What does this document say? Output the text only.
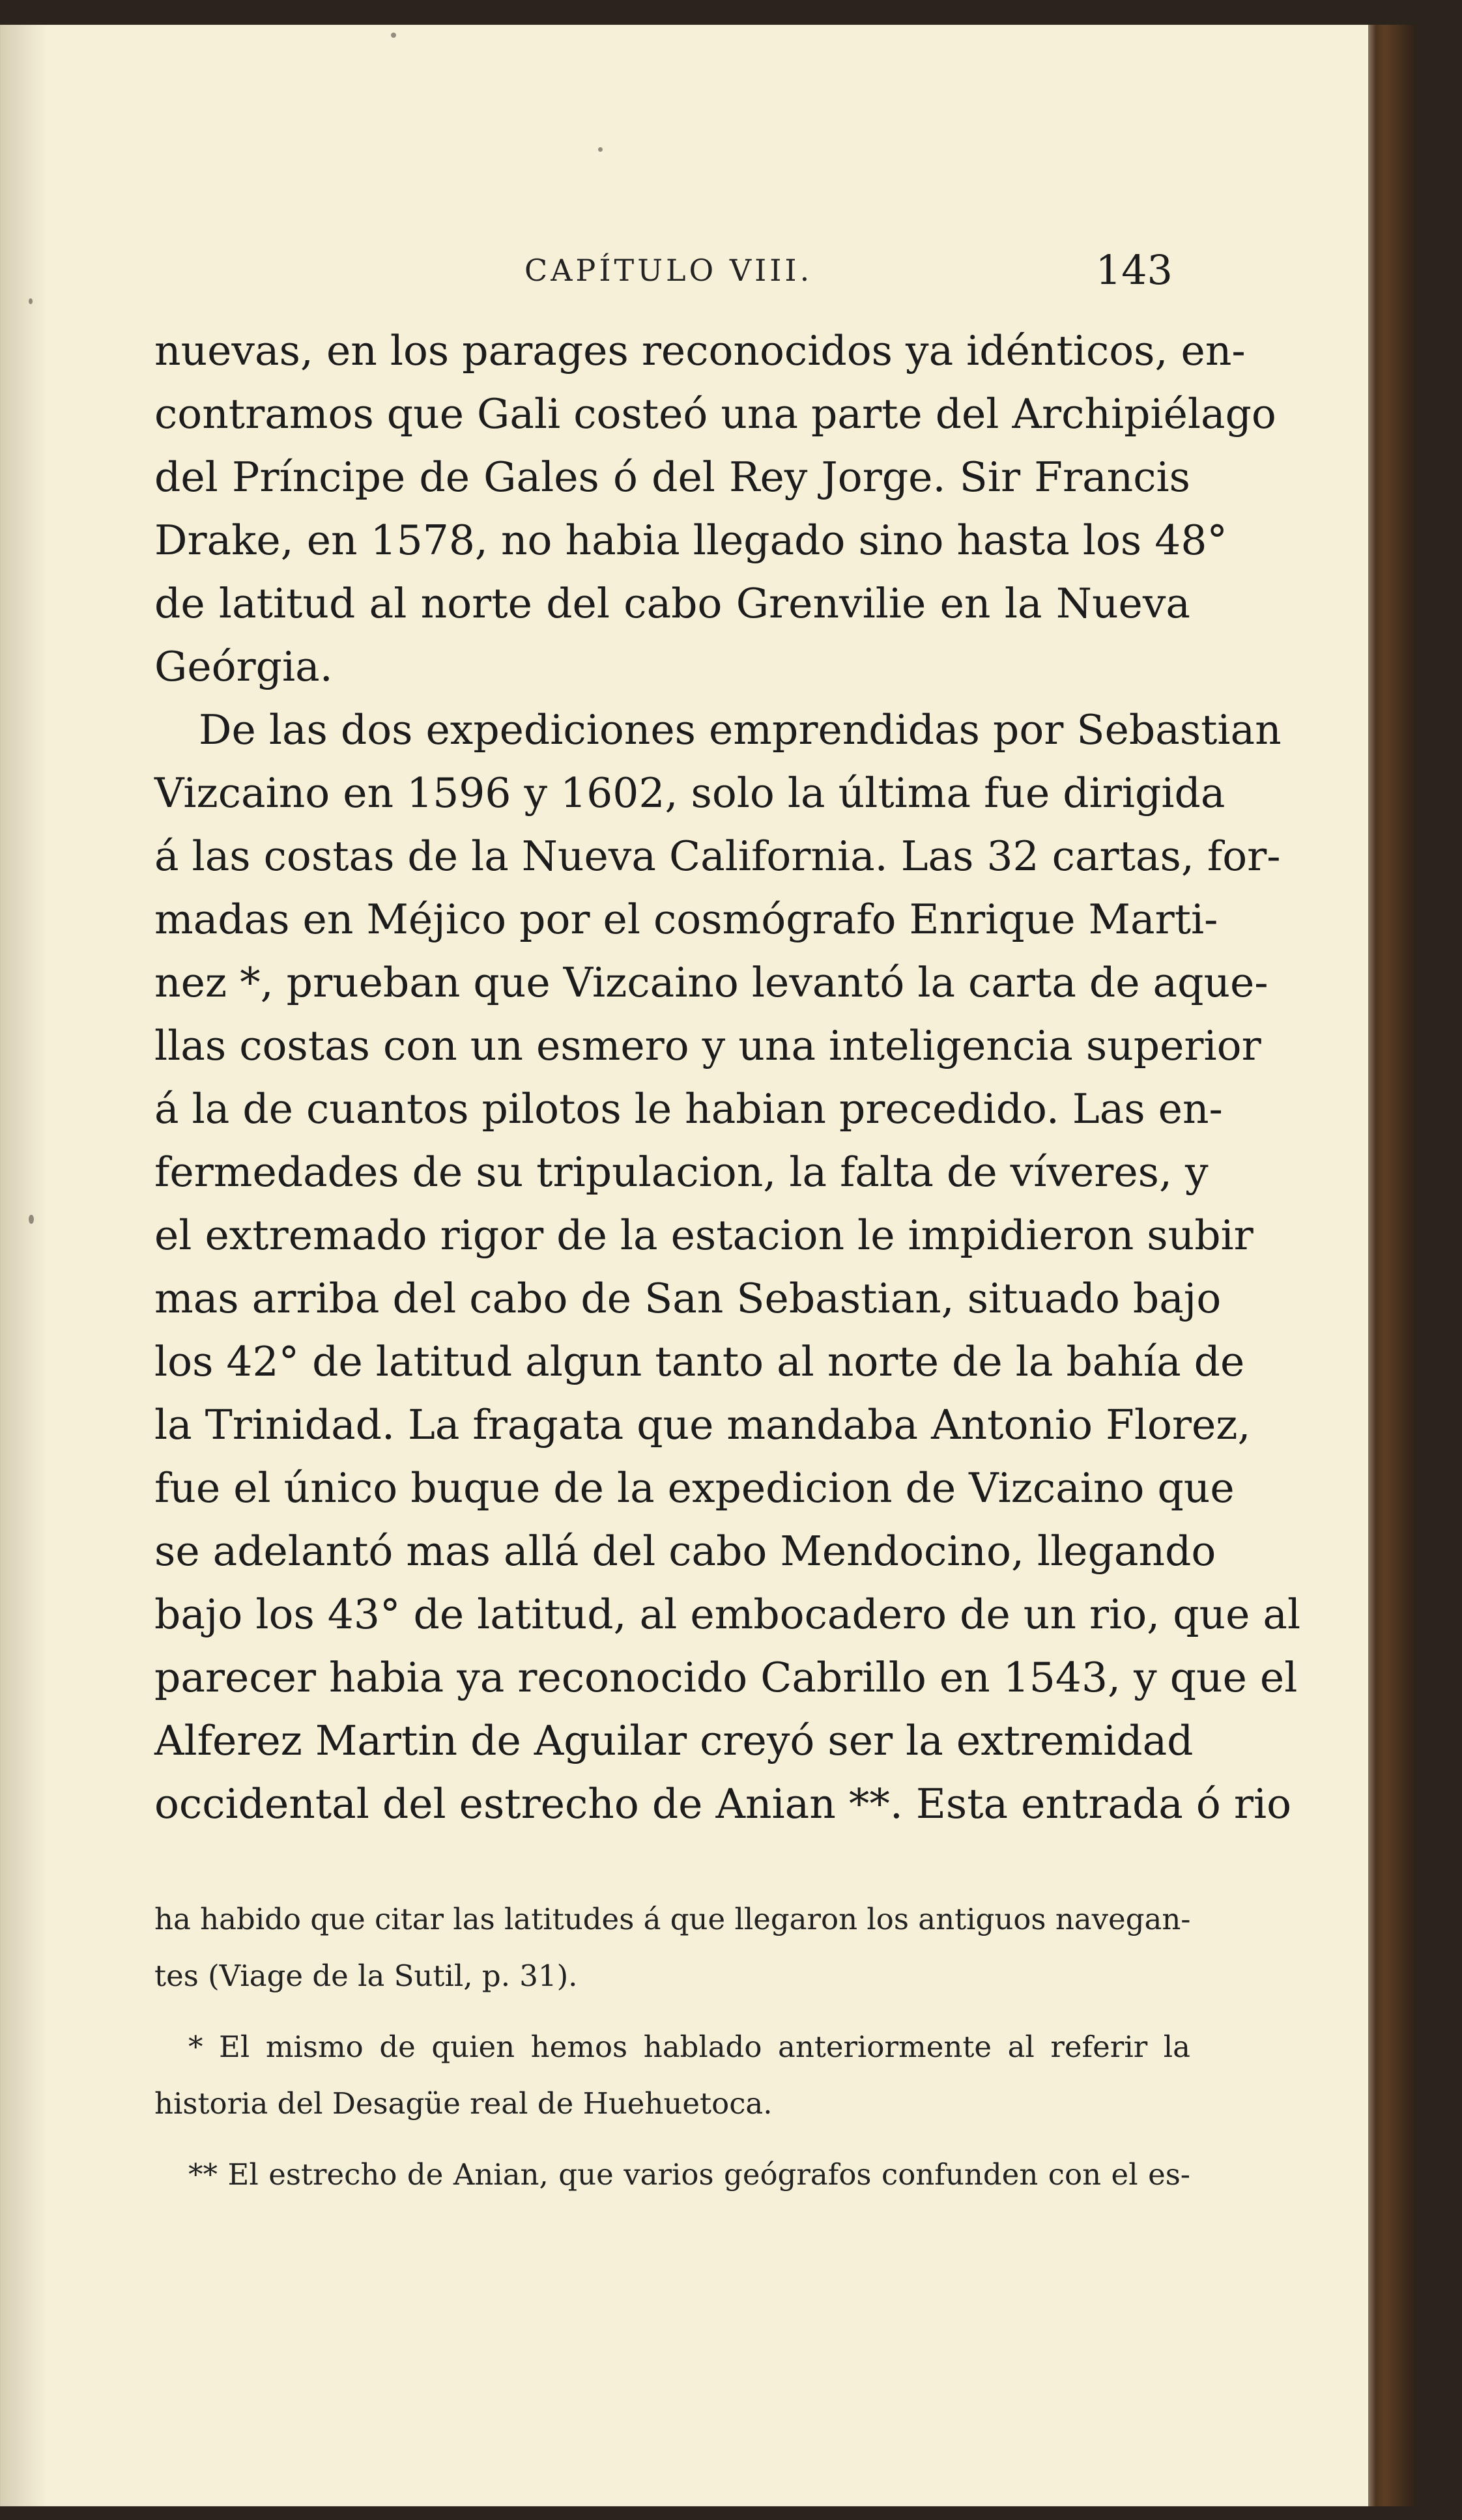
CAPÍTULO VIII.	143
nuevas, en los parages reconocidos ya idénticos, en-
contramos que Gali costeó una parte del Archipiélago
del Príncipe de Gales ó del Rey Jorge. Sir Francis
Drake, en 1578, no habia llegado sino hasta los 48°
de latitud al norte del cabo Grenvilie en la Nueva
Geórgia.
De las dos expediciones emprendidas por Sebastian
Vizcaino en 1596 y 1602, solo la última fue dirigida
á las costas de la Nueva California. Las 32 cartas, for-
madas en Méjico por el cosmógrafo Enrique Marti-
nez *, prueban que Vizcaino levantó la carta de aque-
llas costas con un esmero y una inteligencia superior
á la de cuantos pilotos le habian precedido. Las en-
fermedades de su tripulacion, la falta de víveres, y
el extremado rigor de la estacion le impidieron subir
mas arriba del cabo de San Sebastian, situado bajo
los 42° de latitud algun tanto al norte de la bahía de
la Trinidad. La fragata que mandaba Antonio Florez,
fue el único buque de la expedicion de Vizcaino que
se adelantó mas allá del cabo Mendocino, llegando
bajo los 43° de latitud, al embocadero de un rio, que al
parecer habia ya reconocido Cabrillo en 1543, y que el
Alferez Martin de Aguilar creyó ser la extremidad
occidental del estrecho de Anian **. Esta entrada ó rio
ha habido que citar las latitudes á que llegaron los antiguos navegan-
tes (Viage de la Sutil, p. 31).
* El mismo de quien hemos hablado anteriormente al referir la
historia del Desagüe real de Huehuetoca.
** El estrecho de Anian, que varios geógrafos confunden con el es-
